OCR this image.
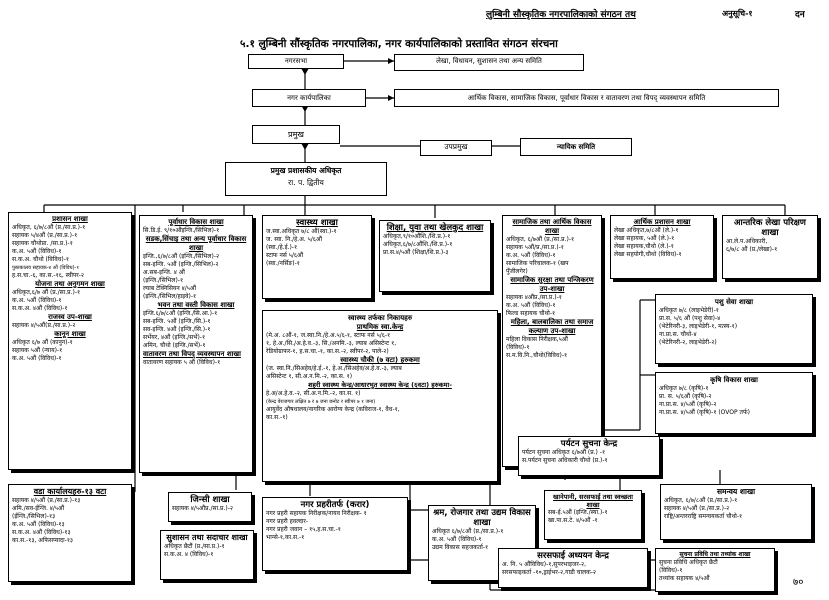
लुम्बिनी सौस्कृतिक नगरपालिकाको संगठन तथ	अनुसूचि-१	दन
५.१ लुम्बिनी सौंस्कृतिक नगरपालिका, नगर कार्यपालिकाको प्रस्तावित संगठन संरचना
नगरसभा	लेखा, विधायन, सुशासन तथा अन्य समिति
नगर कार्यपालिका	आर्थिक विकास, सामाजिक विकास, पूर्वाधार विकास र वातावरण तथा विपद् व्यवस्थापन समिति
प्रमुख
उपप्रमुख	न्यायिक समिति
प्रमुख प्रशासकीय अधिकृत
रा. प. द्वितीय
प्रशासन शाखा
अधिकृत, ६/७/८औं (प्र./सा.प्र.)-१
सहायक ५/४औं (प्र./सा.प्र.)-१
सहायक चौथोप्रा. /सा.प्र.)-१
क.अ. ५औं (विविध)-१
स.क.अ. चौथो (विविध)-१
पुस्तकालय सहायक-४ औं (विविध)-१
ह.स.चा.-६, का.स.-१६, स्वीपर-२
योजना तथा अनुगमन शाखा
अधिकृत,६/७ औं (प्र./सा.प्र.)-१
क.अ. ५औं (विविध)-१
स.क.अ. ४औं (विविध)-१
राजस्व उप-शाखा
सहायक ४/५औं(प्र./सा.प्र.)-२
कानून शाखा
अधिकृत ६/७ औं (कानुन)-१
सहायक ५औं (न्याय)-१
क.अ. ५औं (विविध)-१
वडा कार्यालयहरु-१३ वटा
सहायक ४/५औं (प्र./सा.प्र.)-१३
अमि./सव-ईन्जि. ४/५औं
(ईन्जि./सिभिल)-१३
क.अ. ५औं (विविध)-१३
स.क.अ. ४औं (विविध)-१३
का.स.-१३, अफिसप्यादा-१३
पूर्वाधार विकास शाखा
सि.डि.ई. ९/१०औंइन्जि./सिभिल)-१
सडक,सिंचाइ तथा अन्य पूर्वाधार विकास शाखा
इन्जि.,६/७/८औं (इन्जि./सिभिल)-२
सब-इन्जि. ५औं (इन्जि./सिभिल)-२
अ.सब-इन्जि. ४ औं
(इन्जि./सिभिल)-१
ल्याब टेक्निसियन ४/५औं
(इन्जि./सिभिल/हाइवे)-१
भवन तथा वस्ती विकास शाखा
इन्जि.६/७/८औं (इन्जि./सि.आ.)-१
सब-इन्जि. ५औं (इन्जि./सि.)-१
सव-इन्जि. ४औं (इन्जि./सि.)-१
सर्भेयर, ४औं (इन्जि./सर्भे)-१
अमिन, चौथो (इन्जि./सर्भे)-१
वातावरण तथा विपद् व्यवस्थापन शाखा
वातावरण सहायक ५ औं (विविध)-१
जिन्सी शाखा
सहायक ४/५औंप्र./सा.प्र.)-२
सुशासन तथा सदाचार शाखा
अधिकृत छैटौं (प्र./सा.प्र.)-१
स.क.अ. ४ (विविध)-१
स्वास्थ्य शाखा
ज.स्वा.अधिकृत ७/८ औं(स्वा.)-१
ज. स्वा. नि./हे.अ. ५/६औं
(स्वा./हे.ई.)-१
स्टाफ नर्स ५/६औं
(स्वा./नर्सिङ)-१
शिक्षा, युवा तथा खेलकुद शाखा
अधिकृत,९/१०औंशि./शि.प्र.)-१
अधिकृत,६/७/८औंशि./शि.प्र.)-१
प्रा.स.४/५औं (शिक्षा/शि.प्र.)-३
स्वास्थ्य तर्फका निकायहरु
प्राथमिक स्वा.केन्द्र
(मे.अ. ८औं-१, ज.स्वा.नि./हे.अ.५/६-१, स्टाफ नर्स ५/६-१
१, हे.अ./सि./अ.हे.व.-३, सि./अनमि.-३, ल्याब असिस्टेन्ट १,
रेडियोग्राफर-१, ह.स.चा.-१, का.स.-२, स्वीपर-२, पाले-२)
स्वास्थ्य चौकी (७ वटा) हरुकमा
(ज. स्वा.नि./सिअहेव/हे.ई.-१, हे.अ./सिअहेव/अ.हे.व.-३, ल्याब
असिस्टेन्ट १, सी.अ.न.मि.-२, का.स. १)
शहरी स्वास्थ्य केन्द्र/आधारभुत स्वास्थ्य केन्द्र (६वटा) हरुकमा-
हे.अ/अ.हे.व.-२, सी.अ.न.मि.-२, का.स. १)
(केन्द्र वेराजगार लक्षित ७ र ७ जना छनोट र स्वीपर ७ १ जना)
आयुर्वेद औषधालय/नागरिक आरोग्य केन्द्र (कविराज-१, वैध-१,
का.स.-१)
नगर प्रहरीतर्फ (करार)
नगर प्रहरी सहायक निरीक्षक/नायव निरीक्षक- १
नगर प्रहरी हवल्दार-
नगर प्रहरी जवान – १५,ह.स.चा.-१
भान्से-१,का.स.-१
श्रम, रोजगार तथा उद्यम विकास शाखा
अधिकृत ६/७/८औं (प्र./सा.प्र.)-१
क.अ. ५औं (विविध)-१
उद्यम विकास सहजकर्ता-१
सामाजिक तथा आर्थिक विकास शाखा
अधिकृत, ६/७औं (प्र./सा.प्र.)-१
सहायक ५औं/प्र./सा.प्र.)-१
क.अ. ५औं (विविध)-१
सामाजिक परिचालक-१ (खप
पुँजीलगेर)
सामाजिक सुरक्षा तथा पन्जिकरण उप-शाखा
सहायक ४औंप्र./सा.प्र.)-१
क.अ. ५औं (विविध)-१
फिल्ड सहायक चौथो-१
महिला, बालबालिका तथा समाज कल्याण उप-शाखा
महिला विकास निरीक्षक,५औं
(विविध)-१
स.म.वि.नि.,चौथो(विविध)-१
आर्थिक प्रशासन शाखा
लेखा अधिकृत,७/८औं (ले.)-१
लेखा सहायक, ५औं (ले.)-१
लेखा सहायक,चौथो (ले.)-१
लेखा सहयोगी,चौथो (विविध)-१
आन्तरिक लेखा परिक्षण शाखा
आ.ले.प.अधिकारी,
६/७/८ औं (प्र./लेखा)-१
पशु सेवा शाखा
अधिकृत ७/८ (लाइभेडेरी)-१
प्रा.स. ५/६ औं (पशु सेवा)-४
(भेटेरिनरी-३, लाइभेडेरी-१, मत्स्य-१)
ना.प्रा.स. चौथो-४
(भेटेरिनरी-२, लाइभेडेरी-२)
कृषि विकास शाखा
अधिकृत ७/८ (कृषि)-१
प्रा. स. ५/६औं (कृषि)-२
ना.प्रा.स. ४/५औं (कृषि)-२
ना.प्रा.स. ४/५औं (कृषि)-१ (OVOP तर्फ)
पर्यटन सुचना केन्द्र
पर्यटन सुचना अधिकृत ६/७औं (प्र.) -१
स.पर्यटन सुचना अधिकारी चौथो (प्र.)-१
खानेपानी, सरसफाई तथा स्वच्छता शाखा
सब-ई.५औं (इन्जि./स्या.)-१
खा.पा.स.टे. ४/५औं -१
समन्वय शाखा
अधिकृत, ६/७/८औं (प्र./सा.प्र.)-१
सहायक ४/५औं (प्र./सा.प्र.)-२
राष्ट्रि/अन्तरराष्ट्रि समन्वयकर्ता चौथो-१
सरसफाई अध्ययन केन्द्र
अ. नि. ५ औंविविध)-१,सुपरभाइजर-२,
सरसफाइकर्ता -१०,ड्राईभर-२,गाडी चालक-२
सुचना प्रविधि तथा तथ्यांक शाखा
सुचना प्रविधि अधिकृत छैटौं
(विविध)-१
तथ्यांक सहायक ४/५औं	७०
